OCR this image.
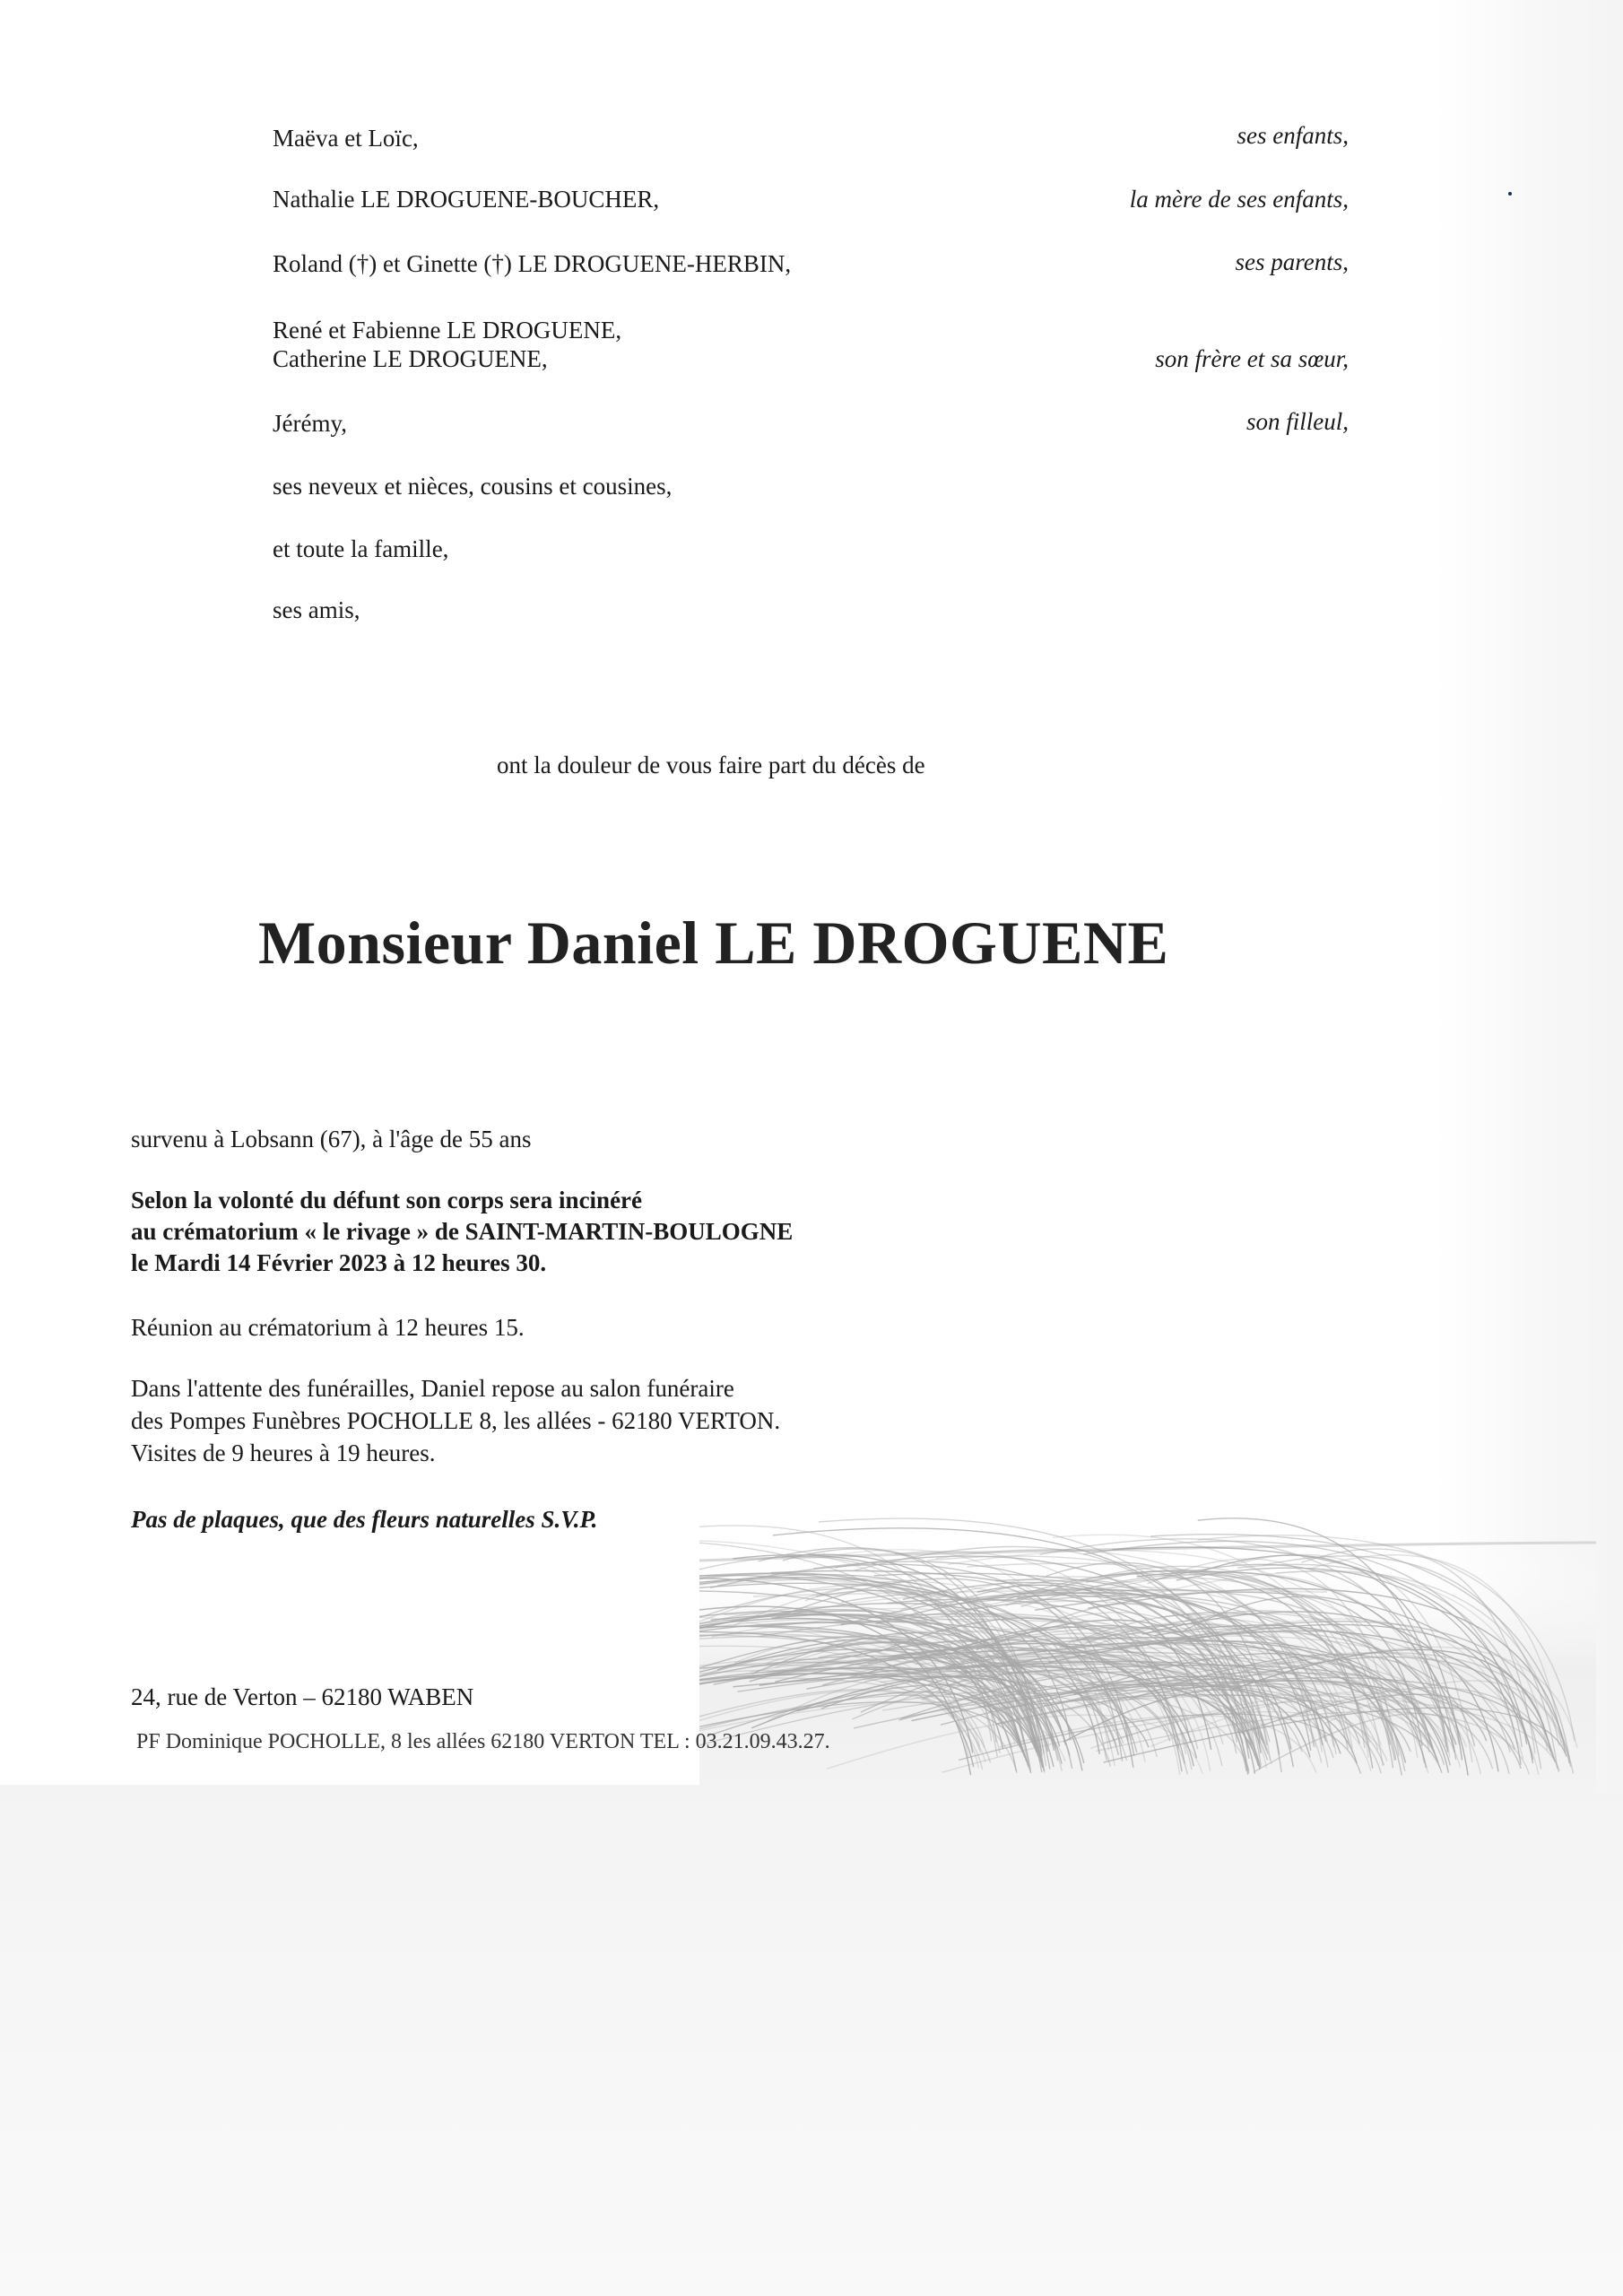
Maëva et Loïc,	ses enfants,
Nathalie LE DROGUENE-BOUCHER,	la mère de ses enfants,
Roland (†) et Ginette (†) LE DROGUENE-HERBIN,	ses parents,
René et Fabienne LE DROGUENE,
Catherine LE DROGUENE,	son frère et sa sœur,
Jérémy,	son filleul,
ses neveux et nièces, cousins et cousines,
et toute la famille,
ses amis,
ont la douleur de vous faire part du décès de
Monsieur Daniel LE DROGUENE
survenu à Lobsann (67), à l'âge de 55 ans
Selon la volonté du défunt son corps sera incinéré
au crématorium « le rivage » de SAINT-MARTIN-BOULOGNE
le Mardi 14 Février 2023 à 12 heures 30.
Réunion au crématorium à 12 heures 15.
Dans l'attente des funérailles, Daniel repose au salon funéraire
des Pompes Funèbres POCHOLLE 8, les allées - 62180 VERTON.
Visites de 9 heures à 19 heures.
Pas de plaques, que des fleurs naturelles S.V.P.
24, rue de Verton – 62180 WABEN
PF Dominique POCHOLLE, 8 les allées 62180 VERTON TEL : 03.21.09.43.27.
